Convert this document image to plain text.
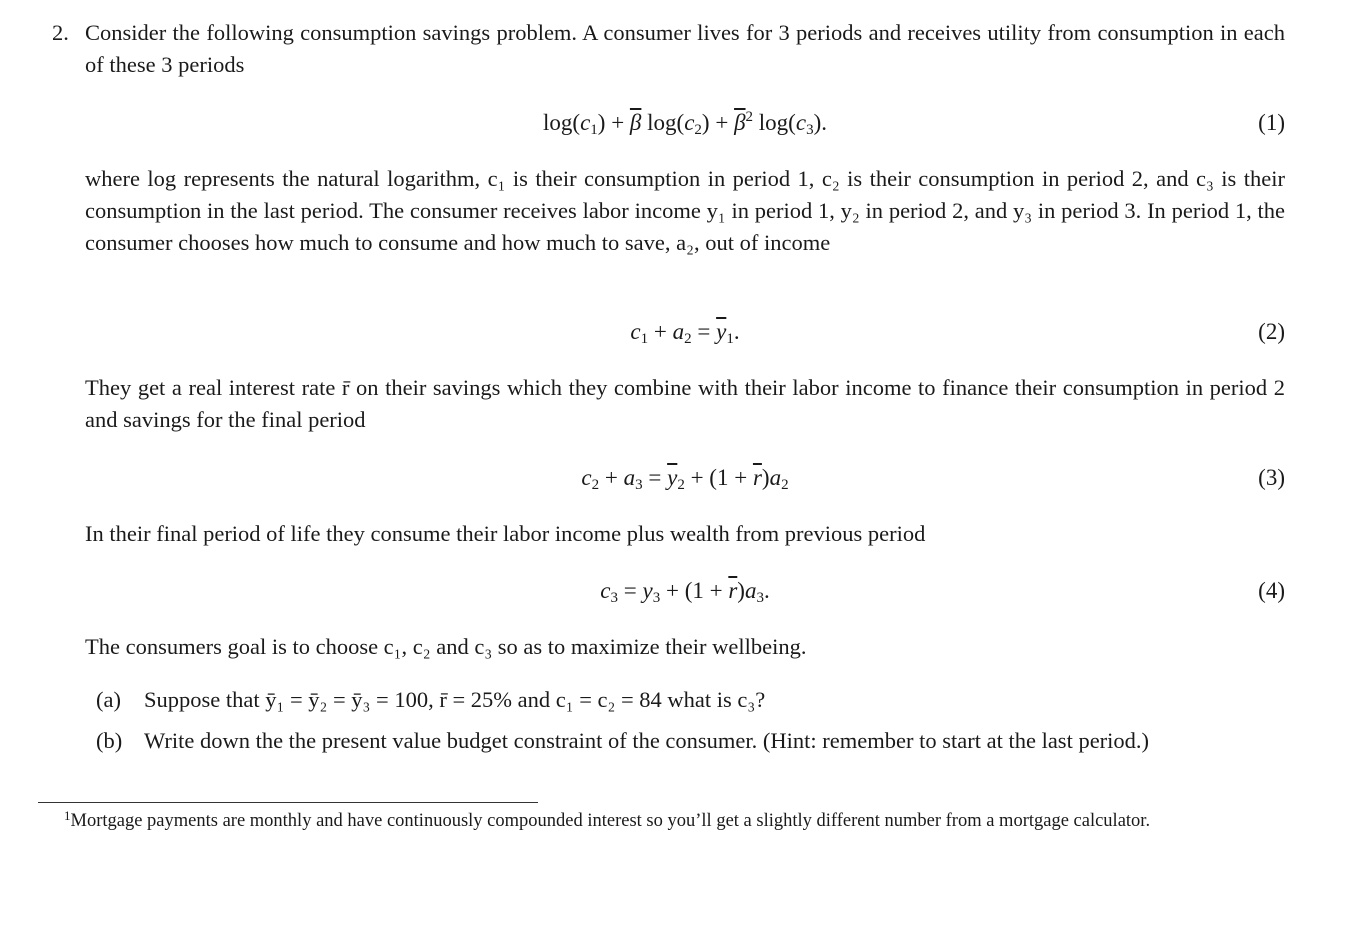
2. Consider the following consumption savings problem. A consumer lives for 3 periods and receives utility from consumption in each of these 3 periods
$\log(c_1) + \overline{\beta}$ $\log(c_2) + \overline{\beta}^2$ $\log(c_3)$.	(1)
where log represents the natural logarithm, c₁ is their consumption in period 1, c₂ is their consumption in period 2, and c₃ is their consumption in the last period. The consumer receives labor income y₁ in period 1, y₂ in period 2, and y₃ in period 3. In period 1, the consumer chooses how much to consume and how much to save, a₂, out of income
$c_1 + a_2 = \overline{y}_1$.	(2)
They get a real interest rate r̄ on their savings which they combine with their labor income to finance their consumption in period 2 and savings for the final period
$c_2 + a_3 = \overline{y}_2 + (1 + \overline{r})a_2$	(3)
In their final period of life they consume their labor income plus wealth from previous period
$c_3 = y_3 + (1 + \overline{r})a_3$.	(4)
The consumers goal is to choose c₁, c₂ and c₃ so as to maximize their wellbeing.
(a) Suppose that ȳ₁ = ȳ₂ = ȳ₃ = 100, r̄ = 25% and c₁ = c₂ = 84 what is c₃?
(b) Write down the the present value budget constraint of the consumer. (Hint: remember to start at the last period.)
$^1$Mortgage payments are monthly and have continuously compounded interest so you’ll get a slightly different number from a mortgage calculator.
